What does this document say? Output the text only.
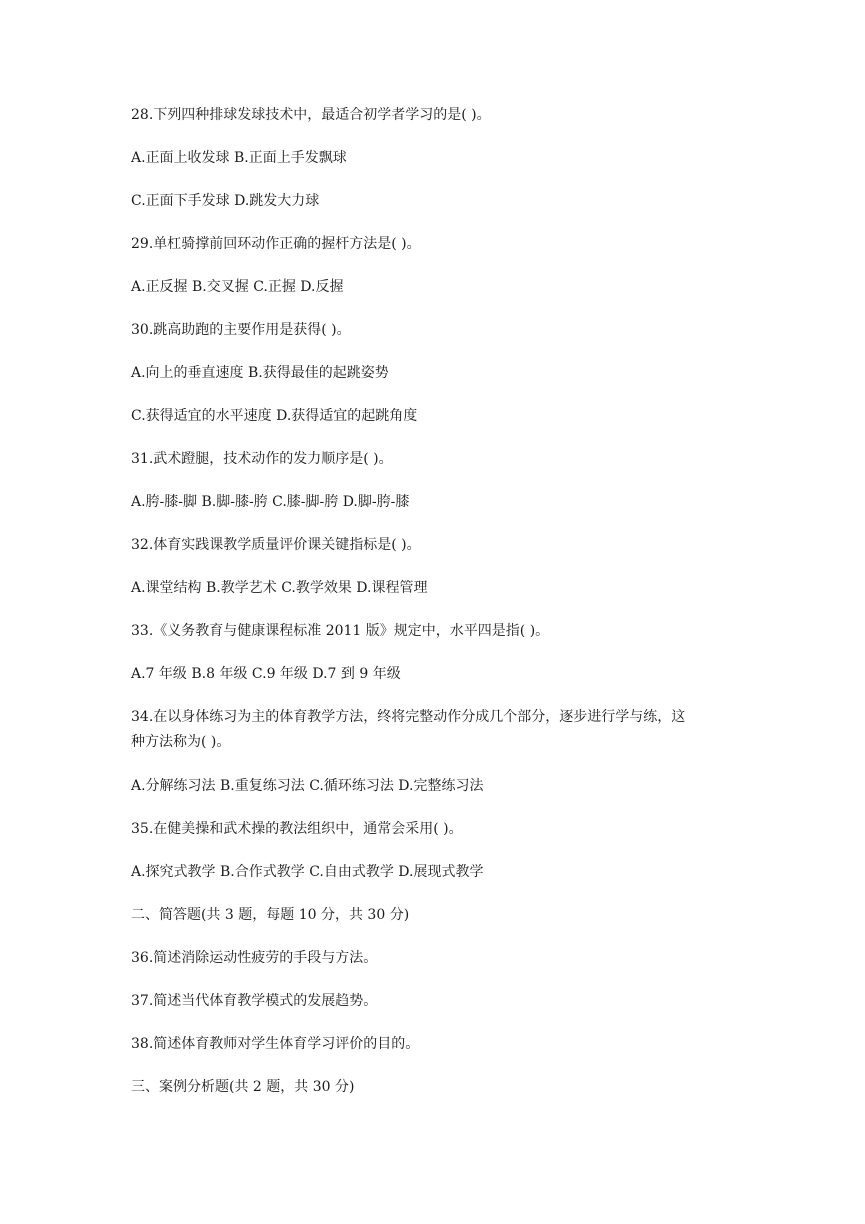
28.下列四种排球发球技术中，最适合初学者学习的是( )。

A.正面上收发球 B.正面上手发飘球

C.正面下手发球 D.跳发大力球

29.单杠骑撑前回环动作正确的握杆方法是( )。

A.正反握 B.交叉握 C.正握 D.反握

30.跳高助跑的主要作用是获得( )。

A.向上的垂直速度 B.获得最佳的起跳姿势

C.获得适宜的水平速度 D.获得适宜的起跳角度

31.武术蹬腿，技术动作的发力顺序是( )。

A.胯-膝-脚 B.脚-膝-胯 C.膝-脚-胯 D.脚-胯-膝

32.体育实践课教学质量评价课关键指标是( )。

A.课堂结构 B.教学艺术 C.教学效果 D.课程管理

33.《义务教育与健康课程标准 2011 版》规定中，水平四是指( )。

A.7 年级 B.8 年级 C.9 年级 D.7 到 9 年级

34.在以身体练习为主的体育教学方法，终将完整动作分成几个部分，逐步进行学与练，这

种方法称为( )。

A.分解练习法 B.重复练习法 C.循环练习法 D.完整练习法

35.在健美操和武术操的教法组织中，通常会采用( )。

A.探究式教学 B.合作式教学 C.自由式教学 D.展现式教学

二、简答题(共 3 题，每题 10 分，共 30 分)

36.简述消除运动性疲劳的手段与方法。

37.简述当代体育教学模式的发展趋势。

38.简述体育教师对学生体育学习评价的目的。

三、案例分析题(共 2 题，共 30 分)
